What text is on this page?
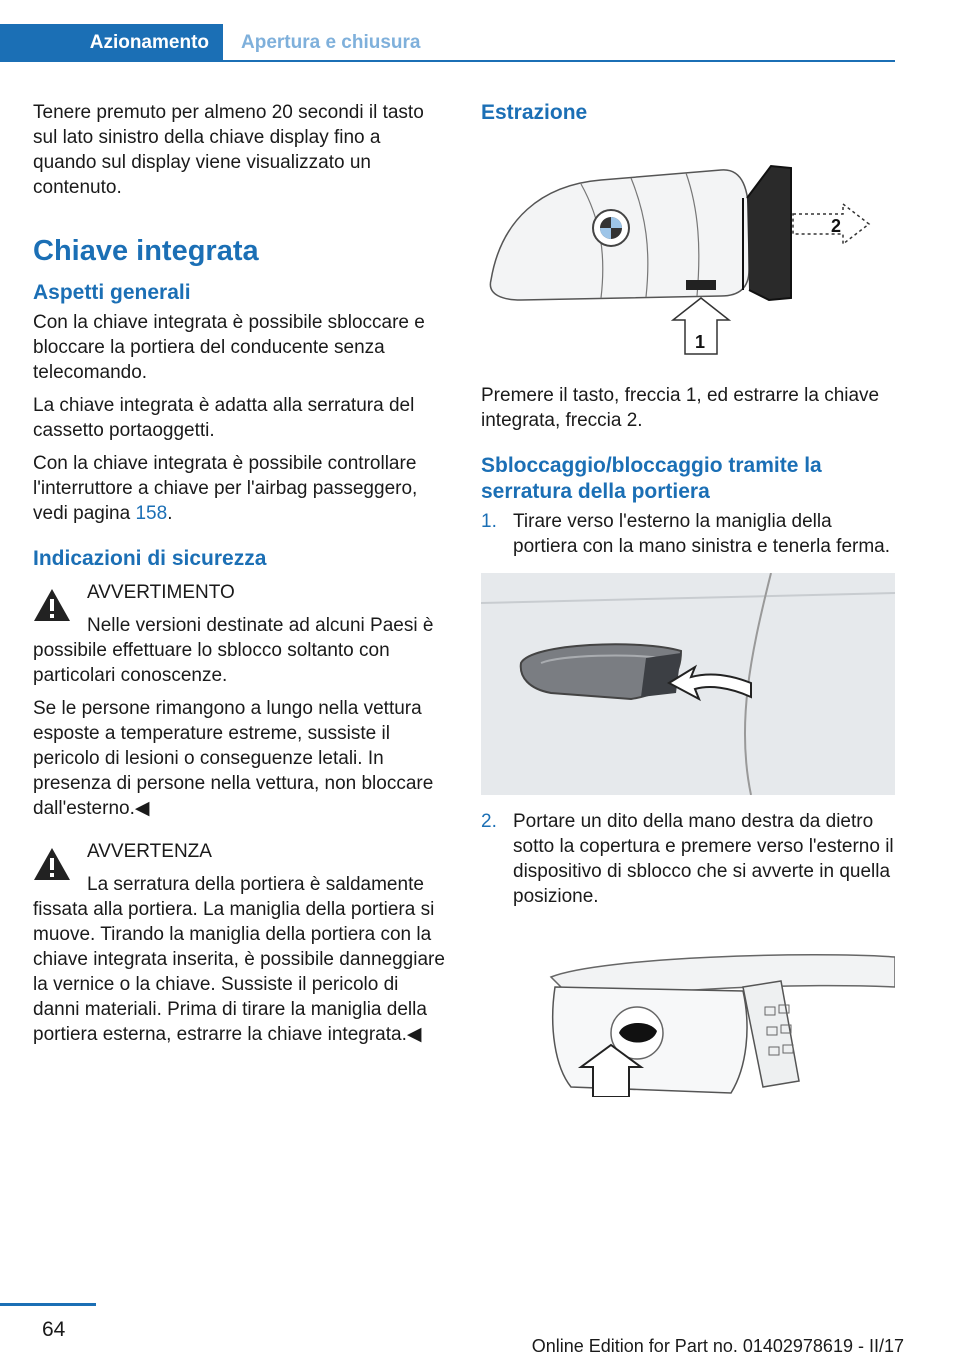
Azionamento	Apertura e chiusura

Tenere premuto per almeno 20 secondi il tasto sul lato sinistro della chiave display fino a quando sul display viene visualizzato un contenuto.

Chiave integrata
Aspetti generali

Con la chiave integrata è possibile sbloccare e bloccare la portiera del conducente senza telecomando.

La chiave integrata è adatta alla serratura del cassetto portaoggetti.

Con la chiave integrata è possibile controllare l'interruttore a chiave per l'airbag passeggero, vedi pagina 158.

Indicazioni di sicurezza

AVVERTIMENTO

Nelle versioni destinate ad alcuni Paesi è possibile effettuare lo sblocco soltanto con particolari conoscenze.

Se le persone rimangono a lungo nella vettura esposte a temperature estreme, sussiste il pericolo di lesioni o conseguenze letali. In presenza di persone nella vettura, non bloccare dall'esterno.◀

AVVERTENZA

La serratura della portiera è saldamente fissata alla portiera. La maniglia della portiera si muove. Tirando la maniglia della portiera con la chiave integrata inserita, è possibile danneggiare la vernice o la chiave. Sussiste il pericolo di danni materiali. Prima di tirare la maniglia della portiera esterna, estrarre la chiave integrata.◀

Estrazione
2
1

Premere il tasto, freccia 1, ed estrarre la chiave integrata, freccia 2.

Sbloccaggio/bloccaggio tramite la serratura della portiera
1. Tirare verso l'esterno la maniglia della portiera con la mano sinistra e tenerla ferma.
2. Portare un dito della mano destra da dietro sotto la copertura e premere verso l'esterno il dispositivo di sblocco che si avverte in quella posizione.
64
Online Edition for Part no. 01402978619 - II/17
